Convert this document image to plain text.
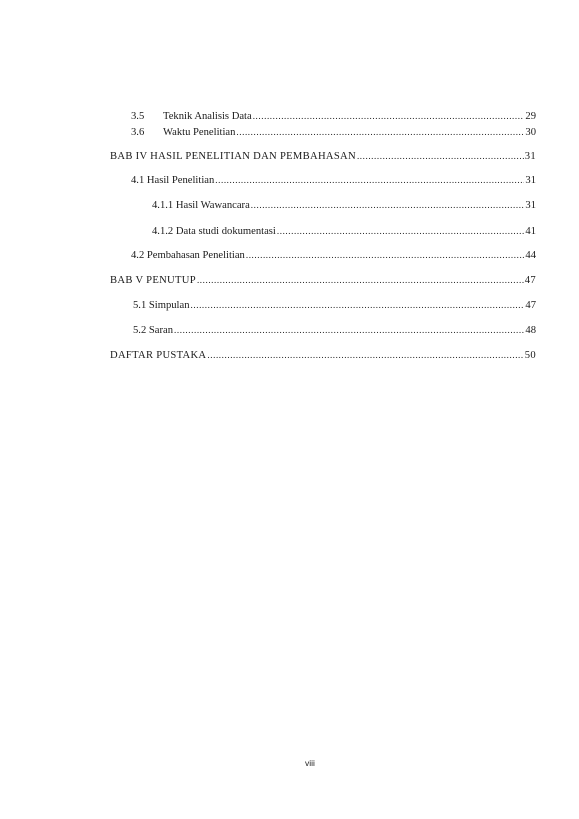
3.5	Teknik Analisis Data .....	29
3.6	Waktu Penelitian .....	30
BAB IV HASIL PENELITIAN DAN PEMBAHASAN .....	31
4.1 Hasil Penelitian .....	31
4.1.1 Hasil Wawancara .....	31
4.1.2 Data studi dokumentasi .....	41
4.2 Pembahasan Penelitian .....	44
BAB V PENUTUP .....	47
5.1 Simpulan .....	47
5.2 Saran .....	48
DAFTAR PUSTAKA .....	50
viii
